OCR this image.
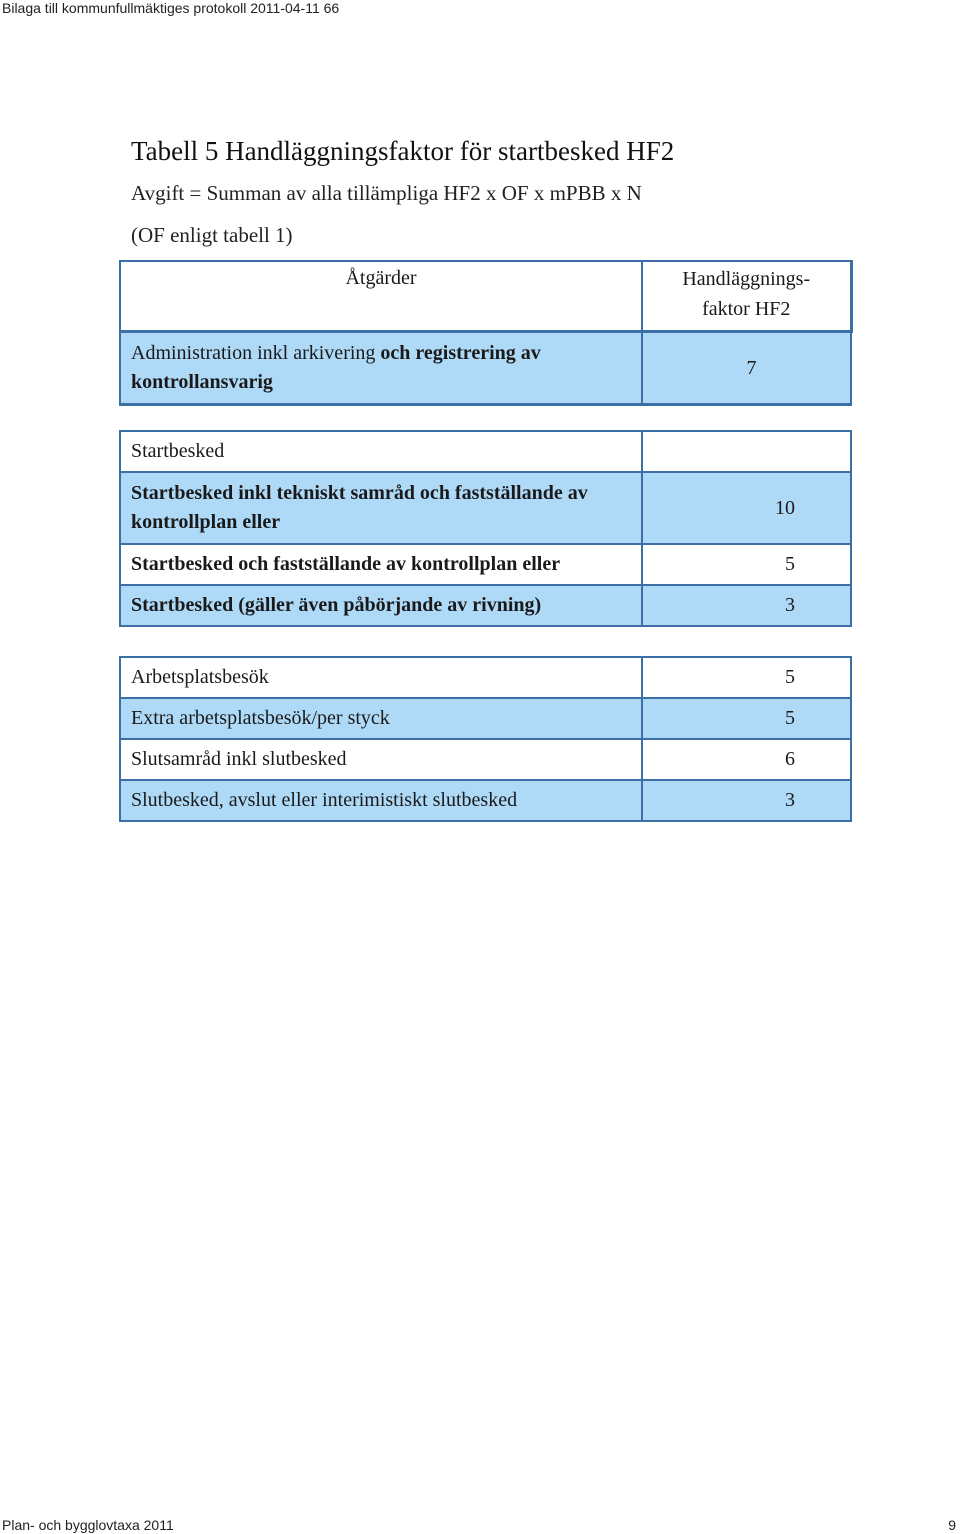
Bilaga till kommunfullmäktiges protokoll 2011-04-11 66
Tabell 5 Handläggningsfaktor för startbesked HF2
Avgift = Summan av alla tillämpliga HF2 x OF x mPBB x N
(OF enligt tabell 1)
Åtgärder	Handläggnings-
faktor HF2
Administration inkl arkivering och registrering av
kontrollansvarig	7
Startbesked	
Startbesked inkl tekniskt samråd och fastställande av
kontrollplan eller	10
Startbesked och fastställande av kontrollplan eller	5
Startbesked (gäller även påbörjande av rivning)	3
Arbetsplatsbesök	5
Extra arbetsplatsbesök/per styck	5
Slutsamråd inkl slutbesked	6
Slutbesked, avslut eller interimistiskt slutbesked	3
Plan- och bygglovtaxa 2011	9
